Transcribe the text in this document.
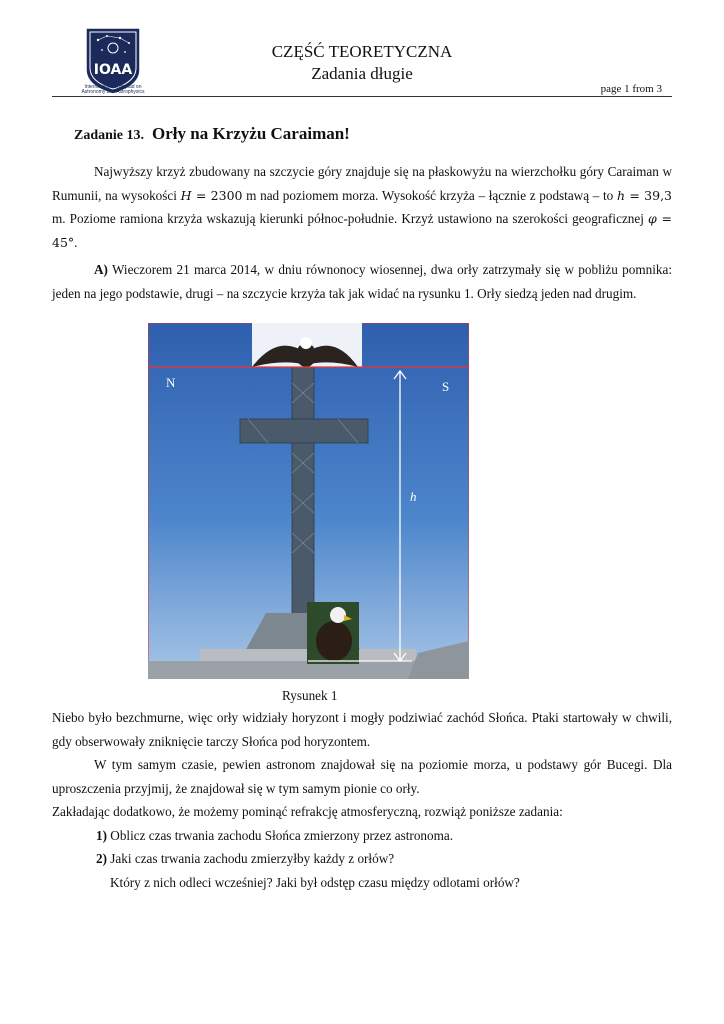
IOAA
International Olympiad on Astronomy and Astrophysics
CZĘŚĆ TEORETYCZNA
Zadania długie
page 1 from 3
Zadanie 13. Orły na Krzyżu Caraiman!
Najwyższy krzyż zbudowany na szczycie góry znajduje się na płaskowyżu na wierzchołku góry Caraiman w Rumunii, na wysokości H = 2300 m nad poziomem morza. Wysokość krzyża – łącznie z podstawą – to h = 39,3 m. Poziome ramiona krzyża wskazują kierunki północ-południe. Krzyż ustawiono na szerokości geograficznej φ = 45°.
A) Wieczorem 21 marca 2014, w dniu równonocy wiosennej, dwa orły zatrzymały się w pobliżu pomnika: jeden na jego podstawie, drugi – na szczycie krzyża tak jak widać na rysunku 1. Orły siedzą jeden nad drugim.
N	S
h
Rysunek 1
Niebo było bezchmurne, więc orły widziały horyzont i mogły podziwiać zachód Słońca. Ptaki startowały w chwili, gdy obserwowały zniknięcie tarczy Słońca pod horyzontem.
W tym samym czasie, pewien astronom znajdował się na poziomie morza, u podstawy gór Bucegi. Dla uproszczenia przyjmij, że znajdował się w tym samym pionie co orły.
Zakładając dodatkowo, że możemy pominąć refrakcję atmosferyczną, rozwiąż poniższe zadania:
1) Oblicz czas trwania zachodu Słońca zmierzony przez astronoma.
2) Jaki czas trwania zachodu zmierzyłby każdy z orłów?
Który z nich odleci wcześniej? Jaki był odstęp czasu między odlotami orłów?
